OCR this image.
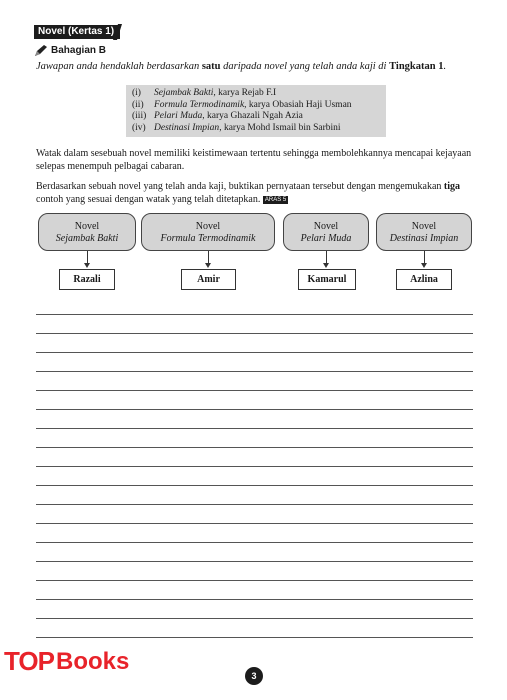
Novel (Kertas 1)
Bahagian B
Jawapan anda hendaklah berdasarkan satu daripada novel yang telah anda kaji di Tingkatan 1.
(i)	Sejambak Bakti, karya Rejab F.I
(ii)	Formula Termodinamik, karya Obasiah Haji Usman
(iii) Pelari Muda, karya Ghazali Ngah Azia
(iv) Destinasi Impian, karya Mohd Ismail bin Sarbini
Watak dalam sesebuah novel memiliki keistimewaan tertentu sehingga membolehkannya mencapai kejayaan selepas menempuh pelbagai cabaran.
Berdasarkan sebuah novel yang telah anda kaji, buktikan pernyataan tersebut dengan mengemukakan tiga contoh yang sesuai dengan watak yang telah ditetapkan. ARAS 5
Novel
Sejambak Bakti
Novel
Formula Termodinamik
Novel
Pelari Muda
Novel
Destinasi Impian
Razali	Amir	Kamarul	Azlina
TOP Books
3
